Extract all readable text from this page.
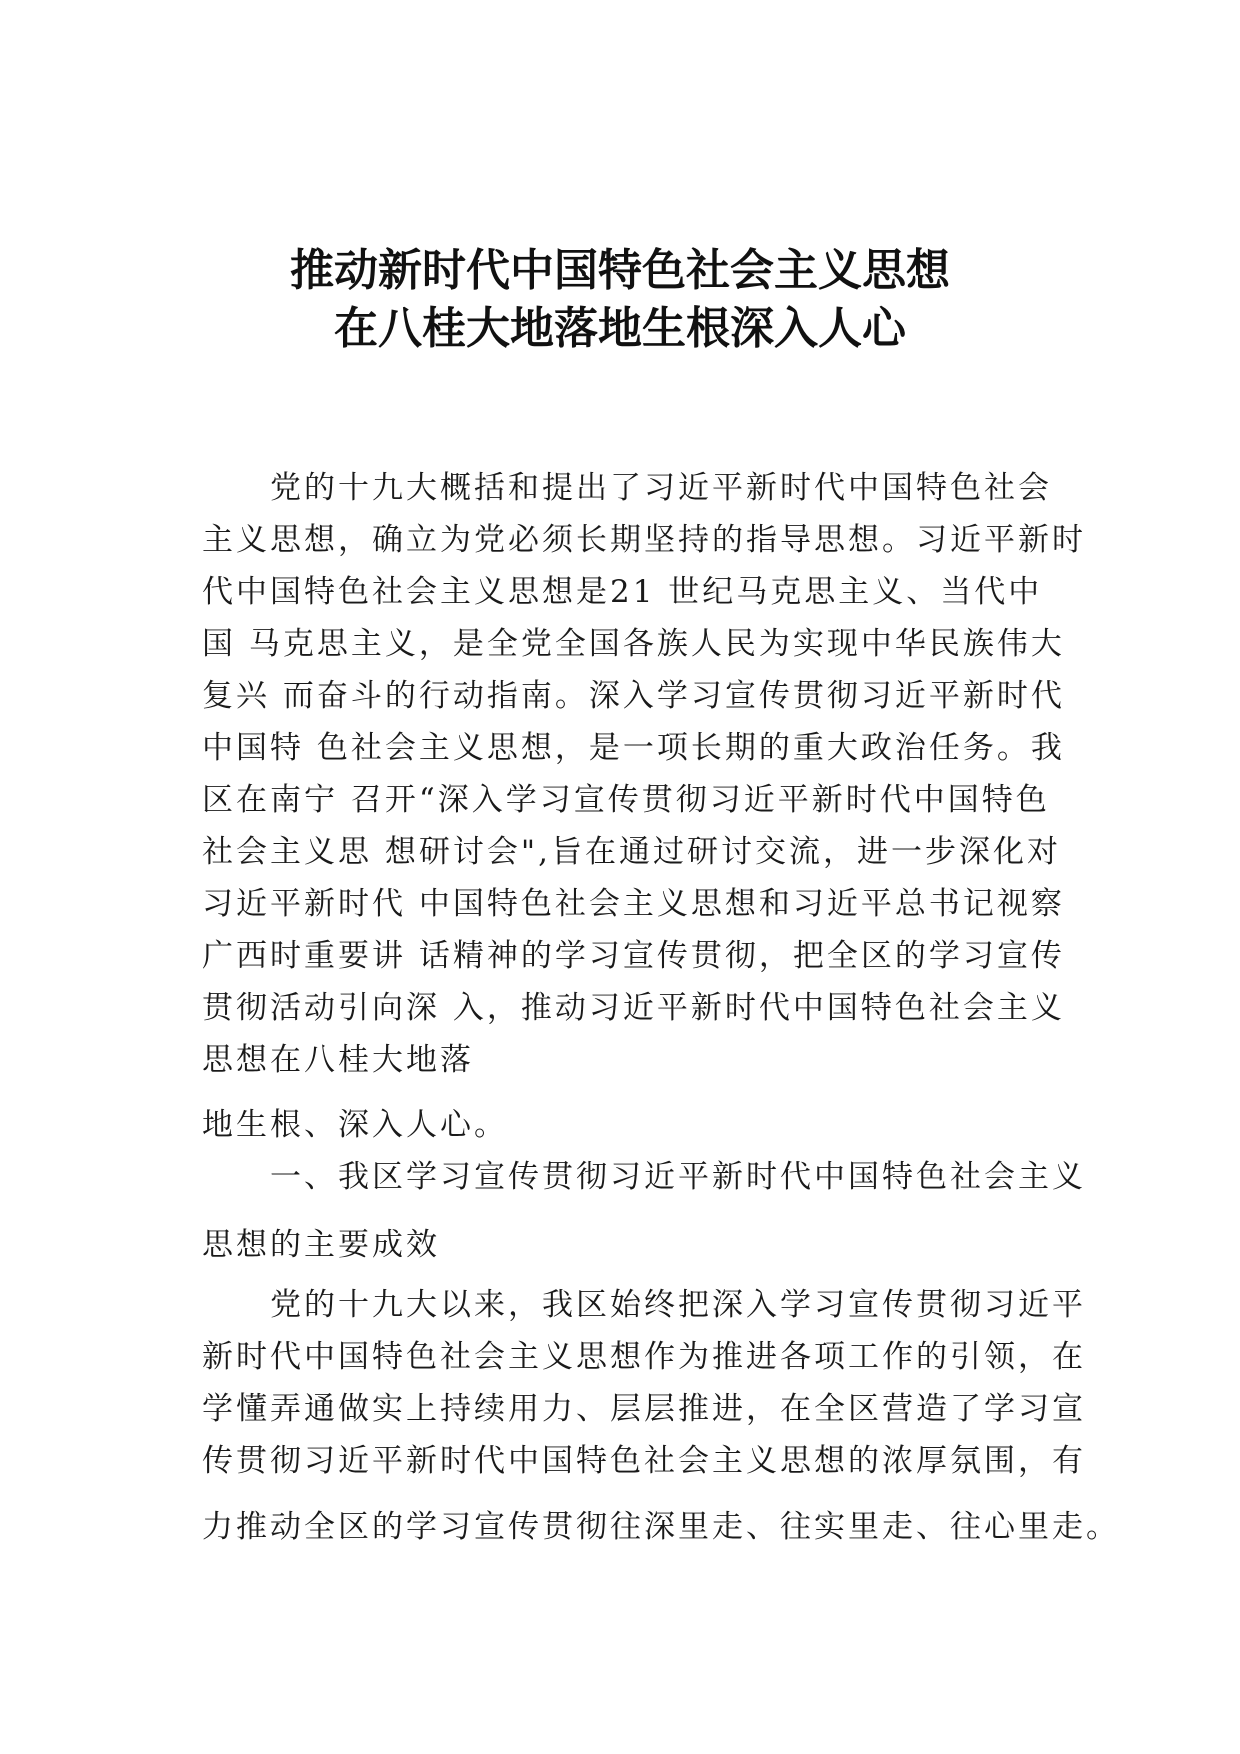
推动新时代中国特色社会主义思想
在八桂大地落地生根深入人心
　　党的十九大概括和提出了习近平新时代中国特色社会
主义思想，确立为党必须长期坚持的指导思想。习近平新时
代中国特色社会主义思想是21 世纪马克思主义、当代中
国 马克思主义，是全党全国各族人民为实现中华民族伟大
复兴 而奋斗的行动指南。深入学习宣传贯彻习近平新时代
中国特 色社会主义思想，是一项长期的重大政治任务。我
区在南宁 召开“深入学习宣传贯彻习近平新时代中国特色
社会主义思 想研讨会",旨在通过研讨交流，进一步深化对
习近平新时代 中国特色社会主义思想和习近平总书记视察
广西时重要讲 话精神的学习宣传贯彻，把全区的学习宣传
贯彻活动引向深 入，推动习近平新时代中国特色社会主义
思想在八桂大地落
地生根、深入人心。
　　一、我区学习宣传贯彻习近平新时代中国特色社会主义
思想的主要成效
　　党的十九大以来，我区始终把深入学习宣传贯彻习近平
新时代中国特色社会主义思想作为推进各项工作的引领，在
学懂弄通做实上持续用力、层层推进，在全区营造了学习宣
传贯彻习近平新时代中国特色社会主义思想的浓厚氛围，有
力推动全区的学习宣传贯彻往深里走、往实里走、往心里走。
